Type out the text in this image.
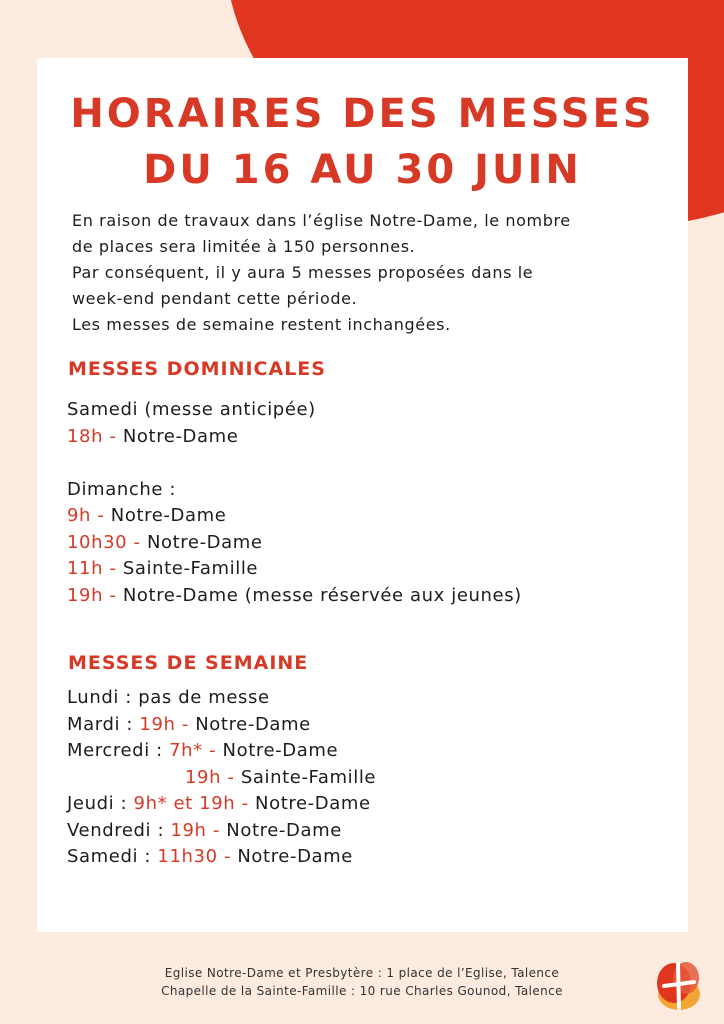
HORAIRES DES MESSES
DU 16 AU 30 JUIN
En raison de travaux dans l’église Notre-Dame, le nombre
de places sera limitée à 150 personnes.
Par conséquent, il y aura 5 messes proposées dans le
week-end pendant cette période.
Les messes de semaine restent inchangées.
MESSES DOMINICALES
Samedi (messe anticipée)
18h - Notre-Dame
Dimanche :
9h - Notre-Dame
10h30 - Notre-Dame
11h - Sainte-Famille
19h - Notre-Dame (messe réservée aux jeunes)
MESSES DE SEMAINE
Lundi : pas de messe
Mardi : 19h - Notre-Dame
Mercredi : 7h* - Notre-Dame
19h - Sainte-Famille
Jeudi : 9h* et 19h - Notre-Dame
Vendredi : 19h - Notre-Dame
Samedi : 11h30 - Notre-Dame
Eglise Notre-Dame et Presbytère : 1 place de l’Eglise, Talence
Chapelle de la Sainte-Famille : 10 rue Charles Gounod, Talence
